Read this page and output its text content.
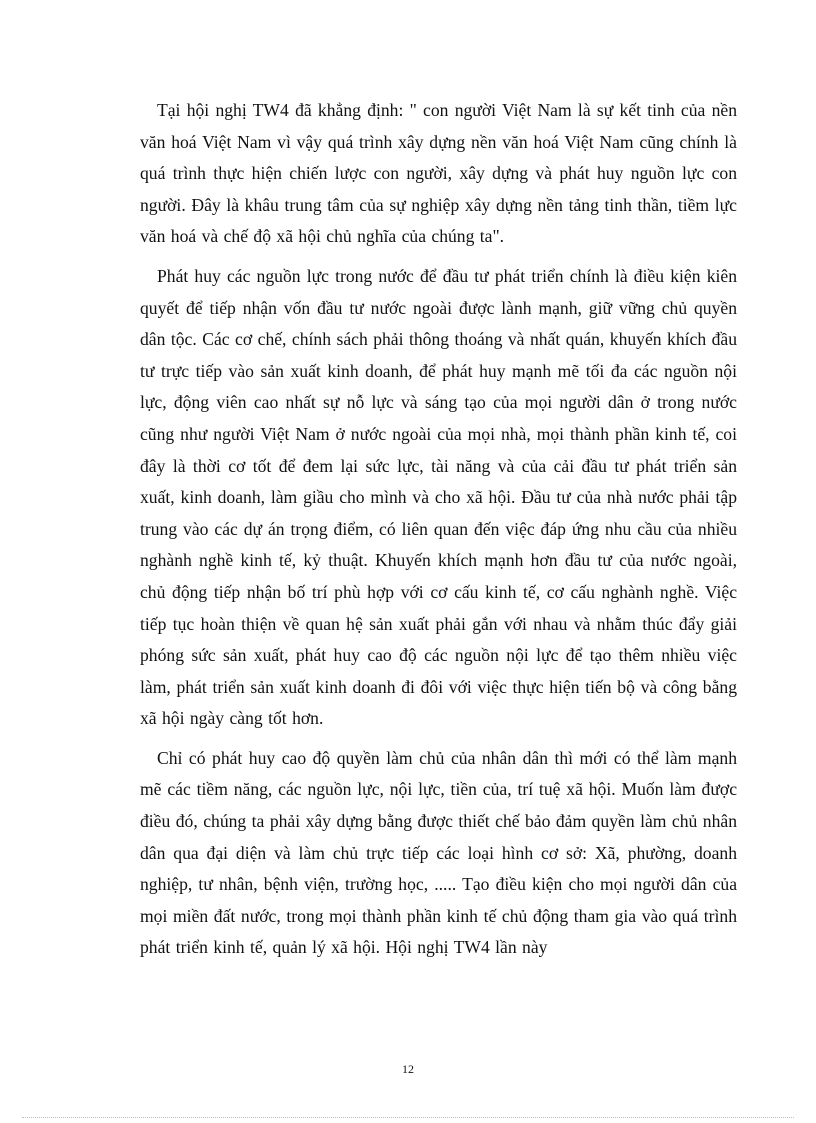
Tại hội nghị TW4 đã khẳng định: " con người Việt Nam là sự kết tinh của nền văn hoá Việt Nam vì vậy quá trình xây dựng nền văn hoá Việt Nam cũng chính là quá trình thực hiện chiến lược con người, xây dựng và phát huy nguồn lực con người. Đây là khâu trung tâm của sự nghiệp xây dựng nền tảng tinh thần, tiềm lực văn hoá và chế độ xã hội chủ nghĩa của chúng ta".

Phát huy các nguồn lực trong nước để đầu tư phát triển chính là điều kiện kiên quyết để tiếp nhận vốn đầu tư nước ngoài được lành mạnh, giữ vững chủ quyền dân tộc. Các cơ chế, chính sách phải thông thoáng và nhất quán, khuyến khích đầu tư trực tiếp vào sản xuất kinh doanh, để phát huy mạnh mẽ tối đa các nguồn nội lực, động viên cao nhất sự nỗ lực và sáng tạo của mọi người dân ở trong nước cũng như người Việt Nam ở nước ngoài của mọi nhà, mọi thành phần kinh tế, coi đây là thời cơ tốt để đem lại sức lực, tài năng và của cải đầu tư phát triển sản xuất, kinh doanh, làm giầu cho mình và cho xã hội. Đầu tư của nhà nước phải tập trung vào các dự án trọng điểm, có liên quan đến việc đáp ứng nhu cầu của nhiều nghành nghề kinh tế, kỷ thuật. Khuyến khích mạnh hơn đầu tư của nước ngoài, chủ động tiếp nhận bố trí phù hợp với cơ cấu kinh tế, cơ cấu nghành nghề. Việc tiếp tục hoàn thiện về quan hệ sản xuất phải gắn với nhau và nhằm thúc đẩy giải phóng sức sản xuất, phát huy cao độ các nguồn nội lực để tạo thêm nhiều việc làm, phát triển sản xuất kinh doanh đi đôi với việc thực hiện tiến bộ và công bằng xã hội ngày càng tốt hơn.

Chỉ có phát huy cao độ quyền làm chủ của nhân dân thì mới có thể làm mạnh mẽ các tiềm năng, các nguồn lực, nội lực, tiền của, trí tuệ xã hội. Muốn làm được điều đó, chúng ta phải xây dựng bằng được thiết chế bảo đảm quyền làm chủ nhân dân qua đại diện và làm chủ trực tiếp các loại hình cơ sở: Xã, phường, doanh nghiệp, tư nhân, bệnh viện, trường học, ..... Tạo điều kiện cho mọi người dân của mọi miền đất nước, trong mọi thành phần kinh tế chủ động tham gia vào quá trình phát triển kinh tế, quản lý xã hội. Hội nghị TW4 lần này

12
